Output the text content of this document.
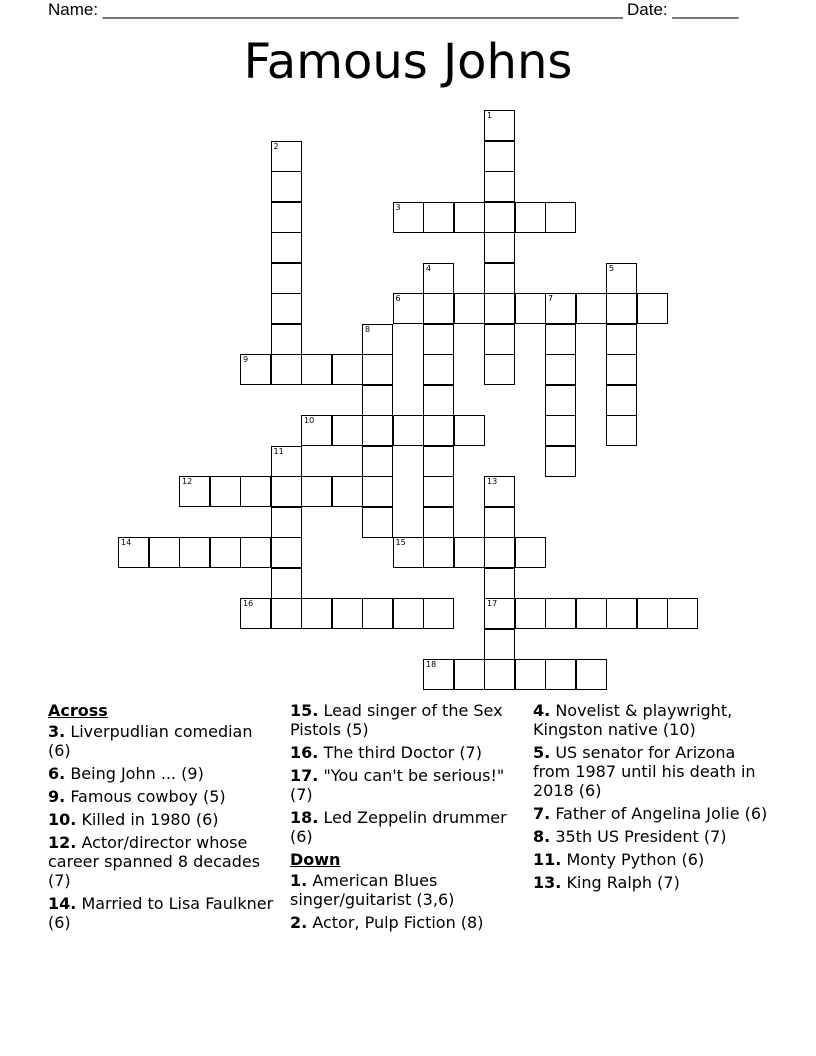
Name: _______________________________________________________ Date: _______
Famous Johns
1
2
3
4	5
6	7
8
9
10
11
12	13
17
14	15
16
18
Across
3. Liverpudlian comedian (6)
6. Being John ... (9)
9. Famous cowboy (5)
10. Killed in 1980 (6)
12. Actor/director whose career spanned 8 decades (7)
14. Married to Lisa Faulkner (6)
15. Lead singer of the Sex Pistols (5)
16. The third Doctor (7)
17. "You can't be serious!" (7)
18. Led Zeppelin drummer (6)
Down
1. American Blues singer/guitarist (3,6)
2. Actor, Pulp Fiction (8)
4. Novelist & playwright, Kingston native (10)
5. US senator for Arizona from 1987 until his death in 2018 (6)
7. Father of Angelina Jolie (6)
8. 35th US President (7)
11. Monty Python (6)
13. King Ralph (7)
